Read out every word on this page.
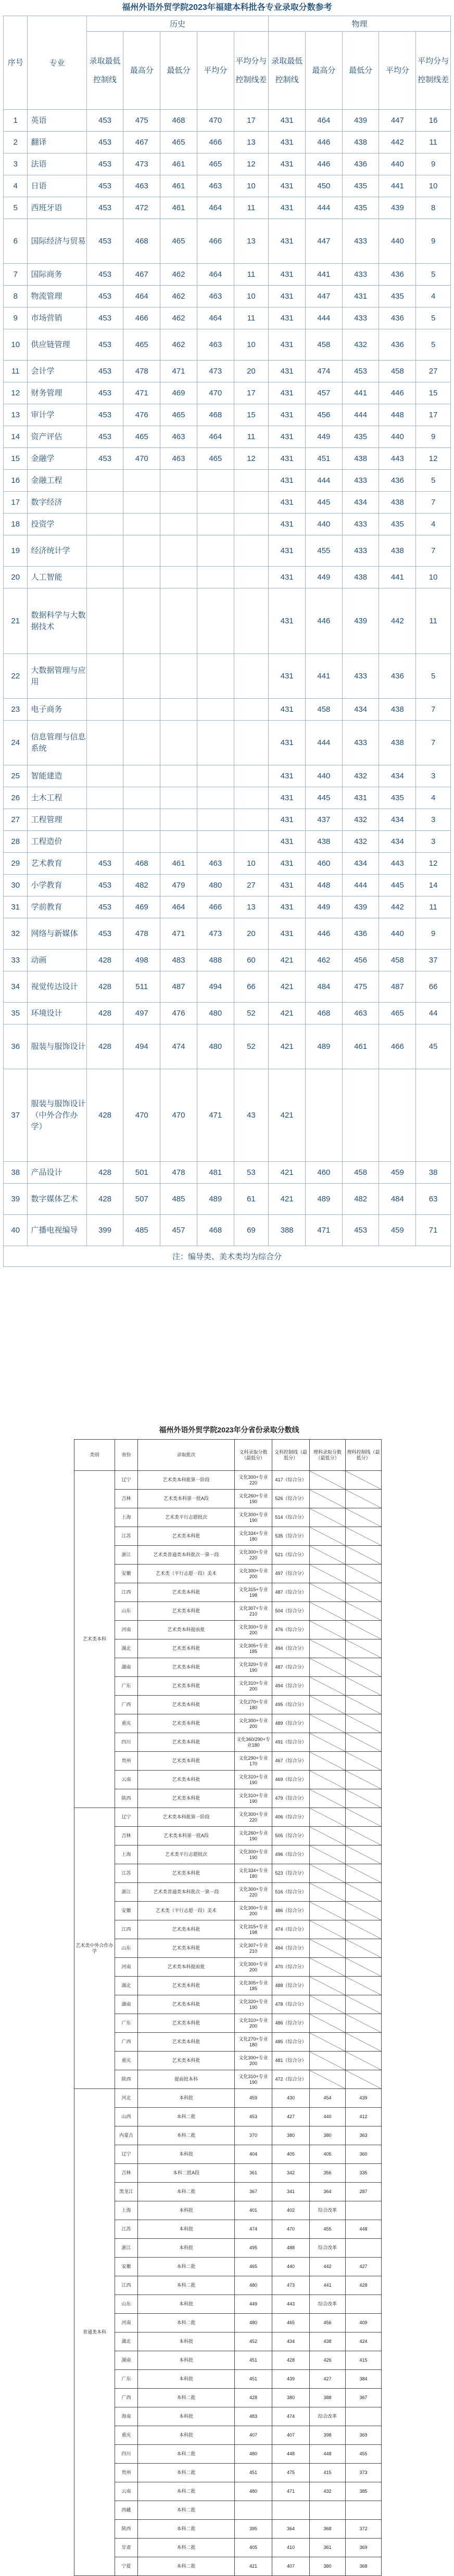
福州外语外贸学院2023年福建本科批各专业录取分数参考
序号	专业	历史					物理				
		录取最低控制线	最高分	最低分	平均分	平均分与控制线差	录取最低控制线	最高分	最低分	平均分	平均分与控制线差
1	英语	453	475	468	470	17	431	464	439	447	16
2	翻译	453	467	465	466	13	431	446	438	442	11
3	法语	453	473	461	465	12	431	446	436	440	9
4	日语	453	463	461	463	10	431	450	435	441	10
5	西班牙语	453	472	461	464	11	431	444	435	439	8
6	国际经济与贸易	453	468	465	466	13	431	447	433	440	9
7	国际商务	453	467	462	464	11	431	441	433	436	5
8	物流管理	453	464	462	463	10	431	447	431	435	4
9	市场营销	453	466	462	464	11	431	444	433	436	5
10	供应链管理	453	465	462	463	10	431	458	432	436	5
11	会计学	453	478	471	473	20	431	474	453	458	27
12	财务管理	453	471	469	470	17	431	457	441	446	15
13	审计学	453	476	465	468	15	431	456	444	448	17
14	资产评估	453	465	463	464	11	431	449	435	440	9
15	金融学	453	470	463	465	12	431	451	438	443	12
16	金融工程						431	444	433	436	5
17	数字经济						431	445	434	438	7
18	投资学						431	440	433	435	4
19	经济统计学						431	455	433	438	7
20	人工智能						431	449	438	441	10
21	数据科学与大数据技术						431	446	439	442	11
22	大数据管理与应用						431	441	433	436	5
23	电子商务						431	458	434	438	7
24	信息管理与信息系统						431	444	433	438	7
25	智能建造						431	440	432	434	3
26	土木工程						431	445	431	435	4
27	工程管理						431	437	432	434	3
28	工程造价						431	438	432	434	3
29	艺术教育	453	468	461	463	10	431	460	434	443	12
30	小学教育	453	482	479	480	27	431	448	444	445	14
31	学前教育	453	469	464	466	13	431	449	439	442	11
32	网络与新媒体	453	478	471	473	20	431	446	436	440	9
33	动画	428	498	483	488	60	421	462	456	458	37
34	视觉传达设计	428	511	487	494	66	421	484	475	487	66
35	环境设计	428	497	476	480	52	421	468	463	465	44
36	服装与服饰设计	428	494	474	480	52	421	489	461	466	45
37	服装与服饰设计（中外合作办学）	428	470	470	471	43	421				
38	产品设计	428	501	478	481	53	421	460	458	459	38
39	数字媒体艺术	428	507	485	489	61	421	489	482	484	63
40	广播电视编导	399	485	457	468	69	388	471	453	459	71
注：编导类、美术类均为综合分											
福州外语外贸学院2023年分省份录取分数线
类别	省份	录取批次	文科录取分数（最低分）	文科控制线（最低分）	理科录取分数（最低分）	理科控制线（最低分）
艺术类本科	辽宁	艺术类本科批第一阶段	文化300+专业220	417（综合分）		
	吉林	艺术类本科第一批A段	文化260+专业190	526（综合分）		
	上海	艺术类平行志愿批次	文化300+专业190	514（综合分）		
	江苏	艺术类本科批	文化334+专业180	535（综合分）		
	浙江	艺术类普通类本科批次一第一段	文化300+专业220	521（综合分）		
	安徽	艺术类（平行志愿一段）美术	文化300+专业200	497（综合分）		
	江西	艺术类本科批	文化315+专业198	487（综合分）		
	山东	艺术类本科批	文化307+专业210	504（综合分）		
	河南	艺术类本科提前批	文化300+专业200	476（综合分）		
	湖北	艺术类本科批	文化305+专业185	494（综合分）		
	湖南	艺术类本科批	文化320+专业190	487（综合分）		
	广东	艺术类本科批	文化310+专业200	494（综合分）		
	广西	艺术类本科批	文化270+专业180	495（综合分）		
	重庆	艺术类本科批	文化300+专业200	489（综合分）		
	四川	艺术类本科批	文化360/290+专业180	491（综合分）		
	贵州	艺术类本科批	文化290+专业170	467（综合分）		
	云南	艺术类本科批	文化310+专业190	469（综合分）		
	陕西	艺术类本科批	文化310+专业190	479（综合分）		
艺术类中外合作办学	辽宁	艺术类本科批第一阶段	文化300+专业220	406（综合分）		
	吉林	艺术类本科第一批A段	文化260+专业190	505（综合分）		
	上海	艺术类平行志愿批次	文化300+专业190	496（综合分）		
	江苏	艺术类本科批	文化334+专业180	523（综合分）		
	浙江	艺术类普通类本科批次一第一段	文化300+专业220	516（综合分）		
	安徽	艺术类（平行志愿一段）美术	文化300+专业200	486（综合分）		
	江西	艺术类本科批	文化315+专业198	474（综合分）		
	山东	艺术类本科批	文化307+专业210	494（综合分）		
	河南	艺术类本科提前批	文化300+专业200	470（综合分）		
	湖北	艺术类本科批	文化305+专业185	488（综合分）		
	湖南	艺术类本科批	文化320+专业190	478（综合分）		
	广东	艺术类本科批	文化310+专业200	486（综合分）		
	广西	艺术类本科批	文化270+专业180	485（综合分）		
	重庆	艺术类本科批	文化300+专业200	481（综合分）		
	陕西	提前批本科	文化310+专业190	472（综合分）		
普通类本科	河北	本科批	459	430	454	439
	山西	本科二批	453	427	440	412
	内蒙古	本科二批	370	380	380	363
	辽宁	本科批	404	405	405	360
	吉林	本科二批A段	361	342	356	335
	黑龙江	本科二批	367	341	364	287
	上海	本科批	401	402	综合改革	
	江苏	本科批	474	470	455	448
	浙江	本科批	495	488	综合改革	
	安徽	本科二批	465	440	442	427
	江西	本科二批	480	473	441	428
	山东	本科批	449	443	综合改革	
	河南	本科二批	480	465	456	409
	湖北	本科批	452	434	438	424
	湖南	本科批	451	428	426	415
	广东	本科批	451	439	427	384
	广西	本科二批	428	380	388	367
	海南	本科批	483	474	综合改革	
	重庆	本科批	407	407	398	369
	四川	本科二批	480	448	448	455
	贵州	本科二批	451	475	415	373
	云南	本科二批	480	471	432	385
	西藏	本科二批				
	陕西	本科二批	395	364	368	372
	甘肃	本科二批	405	410	361	369
	宁夏	本科二批	421	407	380	368
